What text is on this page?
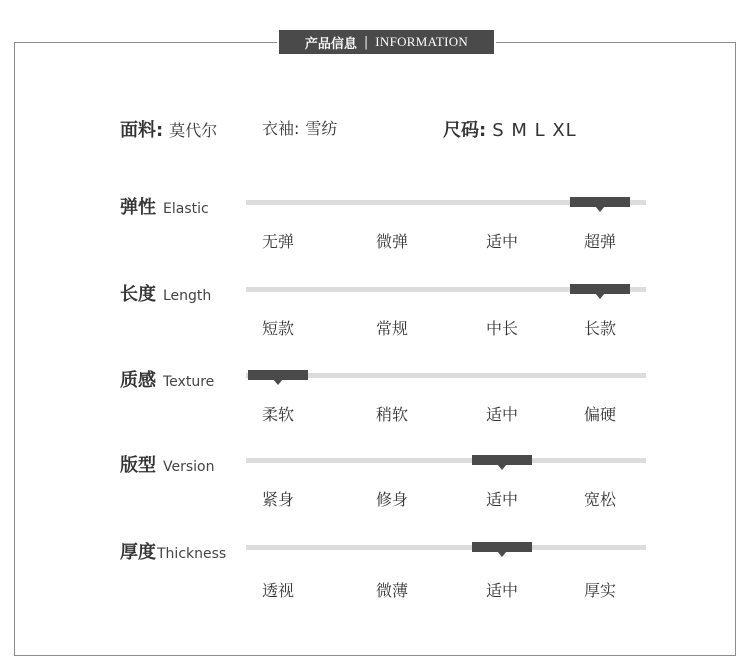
产品信息 | INFORMATION
面料: 莫代尔	衣袖: 雪纺	尺码: S M L XL
弹性 Elastic
无弹	微弹	适中	超弹
长度 Length
短款	常规	中长	长款
质感 Texture
柔软	稍软	适中	偏硬
版型 Version
紧身	修身	适中	宽松
厚度 Thickness
透视	微薄	适中	厚实
